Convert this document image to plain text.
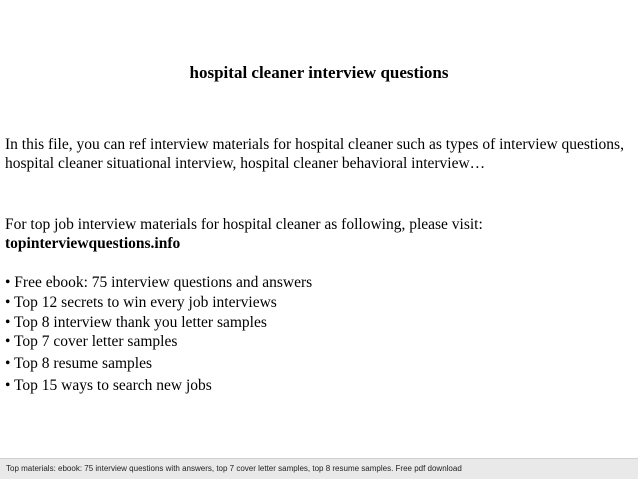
hospital cleaner interview questions
In this file, you can ref interview materials for hospital cleaner such as types of interview questions, hospital cleaner situational interview, hospital cleaner behavioral interview…
For top job interview materials for hospital cleaner as following, please visit:
topinterviewquestions.info
• Free ebook: 75 interview questions and answers
• Top 12 secrets to win every job interviews
• Top 8 interview thank you letter samples
• Top 7 cover letter samples
• Top 8 resume samples
• Top 15 ways to search new jobs
Top materials: ebook: 75 interview questions with answers, top 7 cover letter samples, top 8 resume samples. Free pdf download
